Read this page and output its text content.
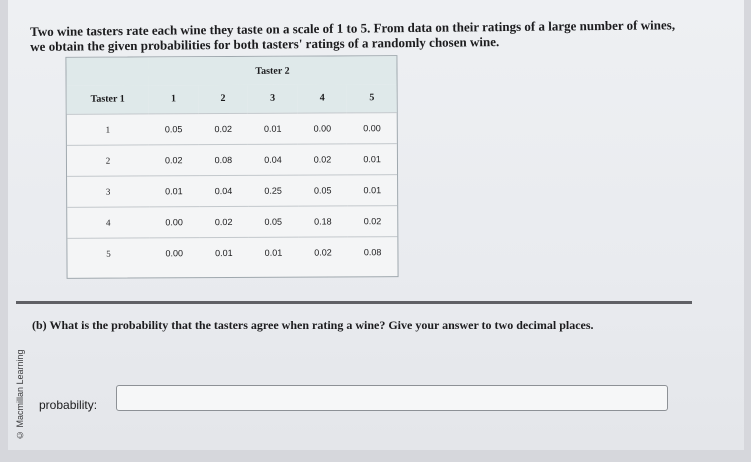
Two wine tasters rate each wine they taste on a scale of 1 to 5. From data on their ratings of a large number of wines, we obtain the given probabilities for both tasters' ratings of a randomly chosen wine.
	Taster 2				
Taster 1	1	2	3	4	5
1	0.05	0.02	0.01	0.00	0.00
2	0.02	0.08	0.04	0.02	0.01
3	0.01	0.04	0.25	0.05	0.01
4	0.00	0.02	0.05	0.18	0.02
5	0.00	0.01	0.01	0.02	0.08
(b) What is the probability that the tasters agree when rating a wine? Give your answer to two decimal places.
© Macmillan Learning	probability:
